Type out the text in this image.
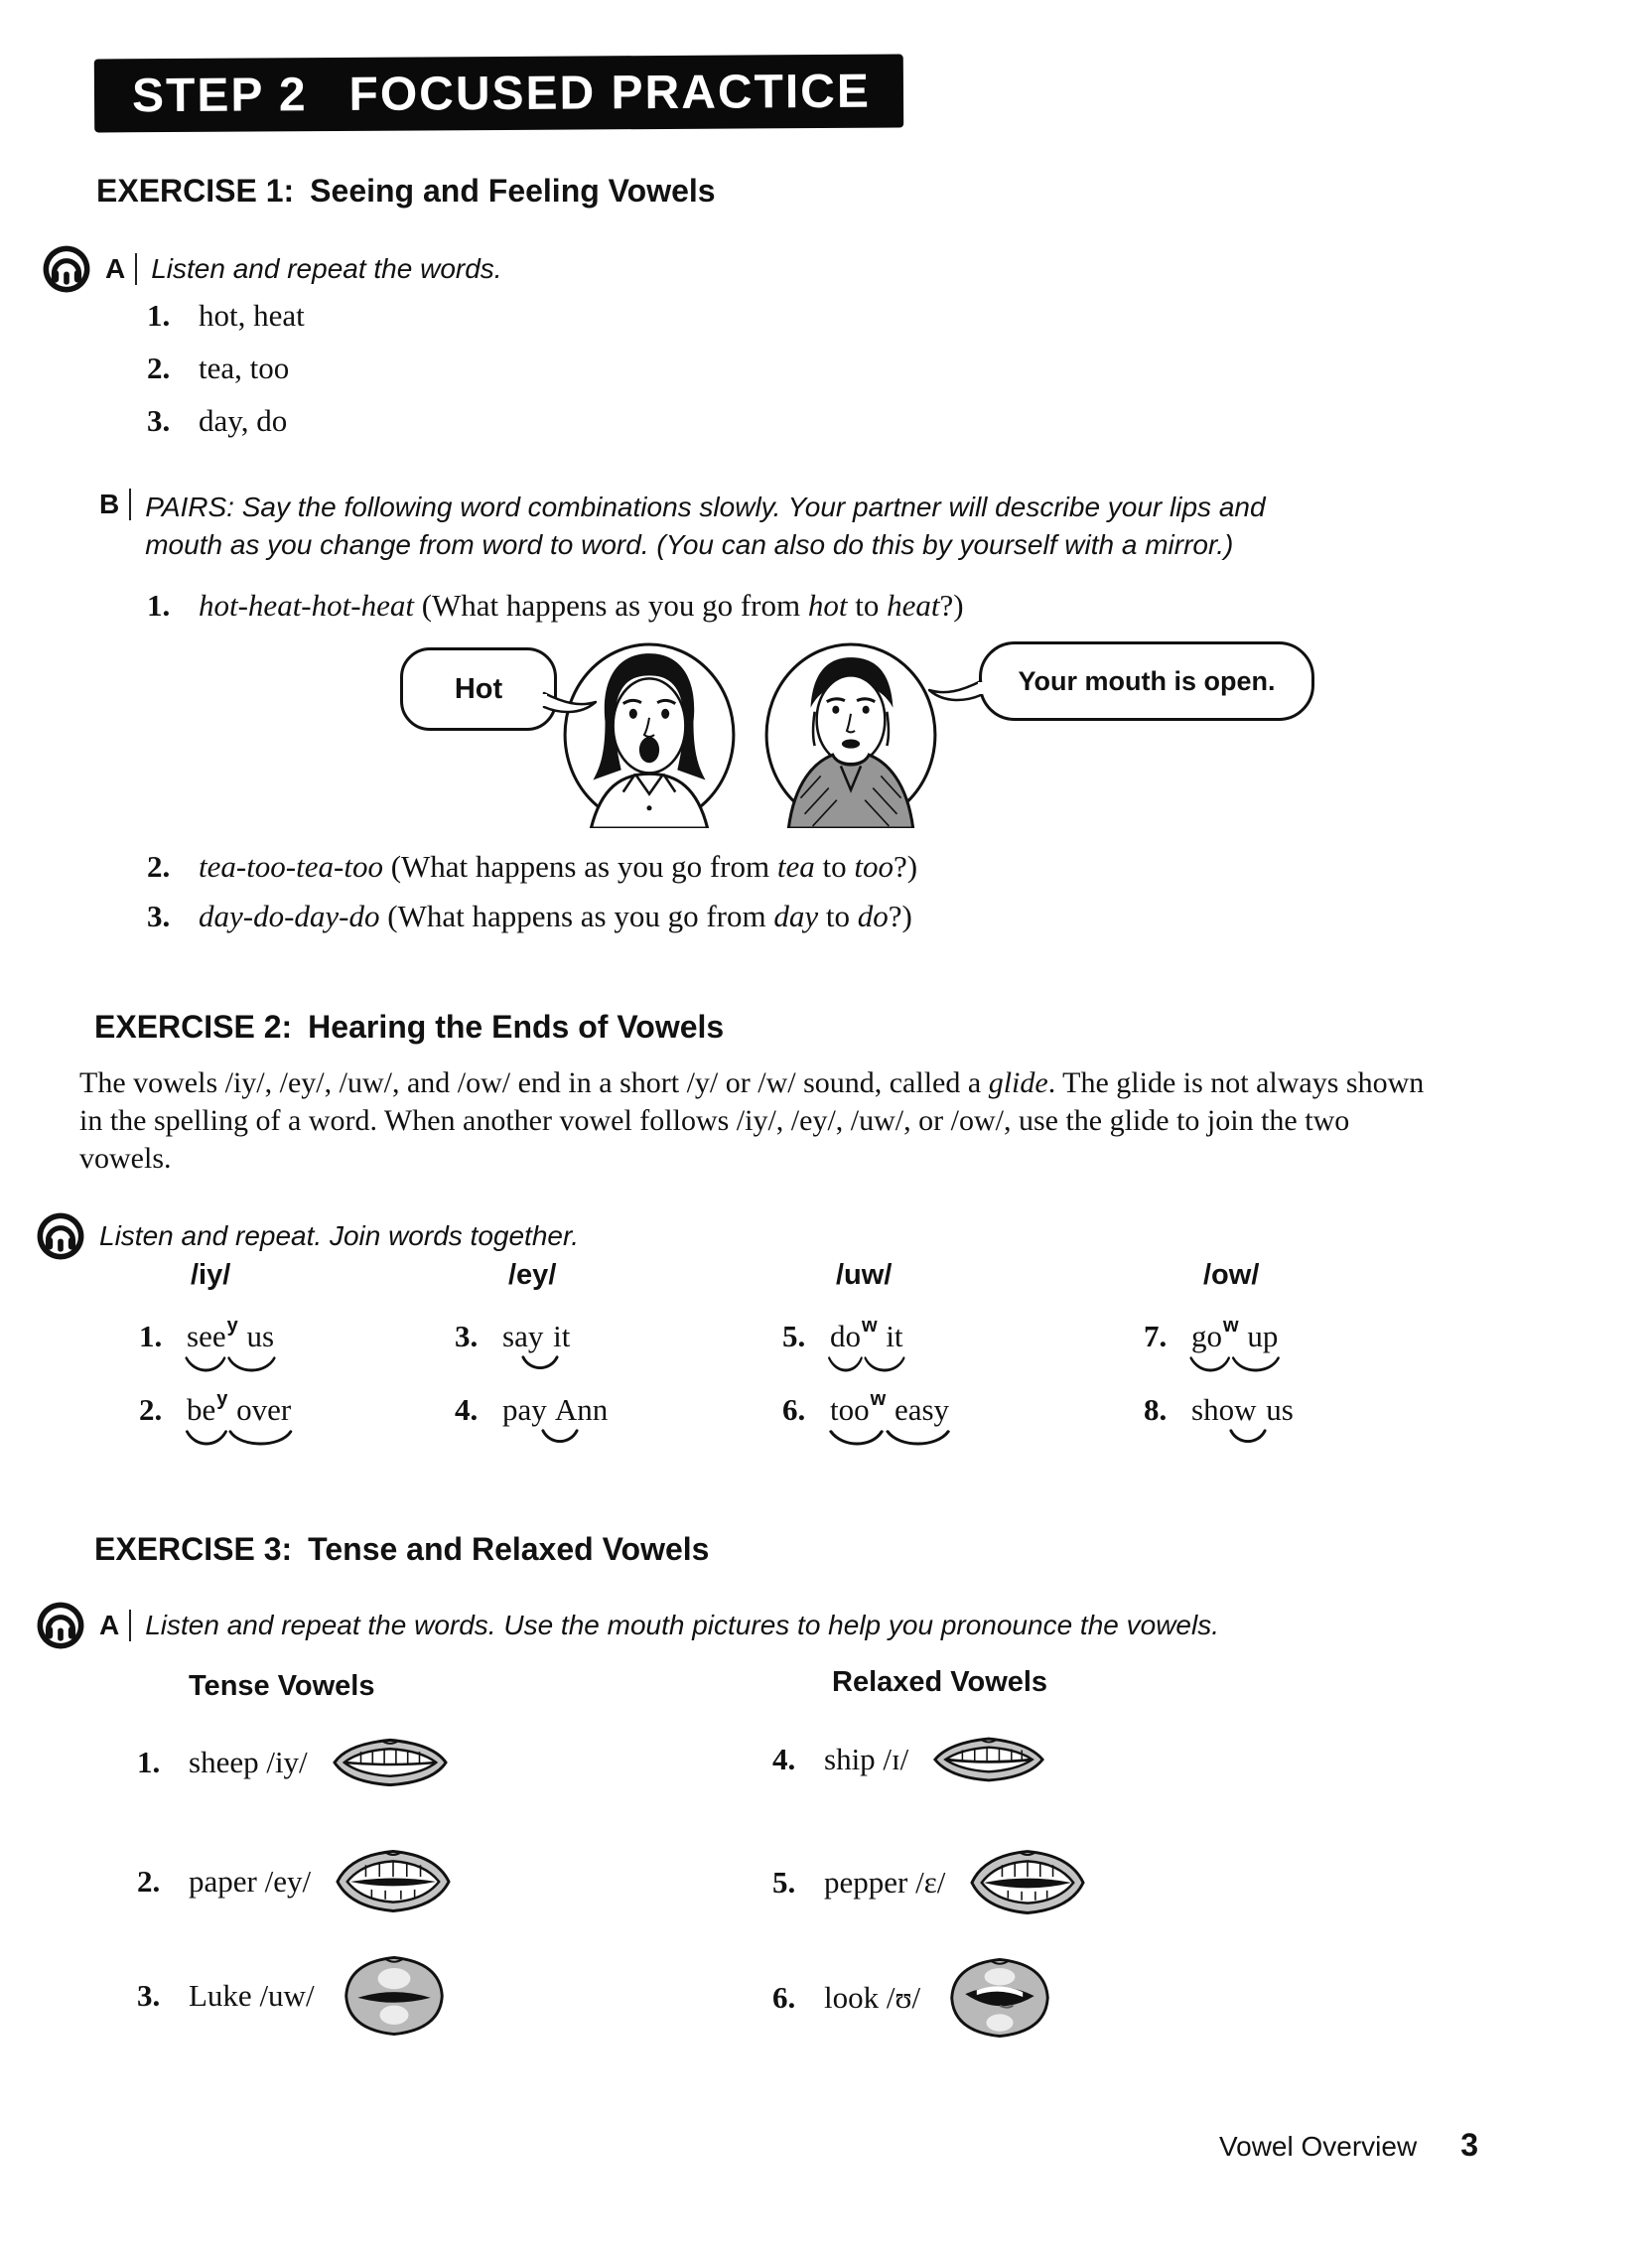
STEP 2 FOCUSED PRACTICE
EXERCISE 1: Seeing and Feeling Vowels
A Listen and repeat the words.
1. hot, heat
2. tea, too
3. day, do
B PAIRS: Say the following word combinations slowly. Your partner will describe your lips and mouth as you change from word to word. (You can also do this by yourself with a mirror.)
1. hot-heat-hot-heat (What happens as you go from hot to heat?)
Hot	Your mouth is open.
2. tea-too-tea-too (What happens as you go from tea to too?)
3. day-do-day-do (What happens as you go from day to do?)
EXERCISE 2: Hearing the Ends of Vowels
The vowels /iy/, /ey/, /uw/, and /ow/ end in a short /y/ or /w/ sound, called a glide. The glide is not always shown in the spelling of a word. When another vowel follows /iy/, /ey/, /uw/, or /ow/, use the glide to join the two vowels.
Listen and repeat. Join words together.
/iy/	/ey/	/uw/	/ow/
1. see$^y$ us	3. say it	5. $do^w$ it	7. $go^w$ up
2. $be^y$ over	4. pay Ann	6. too$^w$ easy	8. show us
EXERCISE 3: Tense and Relaxed Vowels
A Listen and repeat the words. Use the mouth pictures to help you pronounce the vowels.
Tense Vowels	Relaxed Vowels
1. sheep /iy/
2. paper /ey/
3. Luke /uw/
4. ship /ɪ/
5. pepper /ɛ/
6. look /ʊ/
Vowel Overview 3
